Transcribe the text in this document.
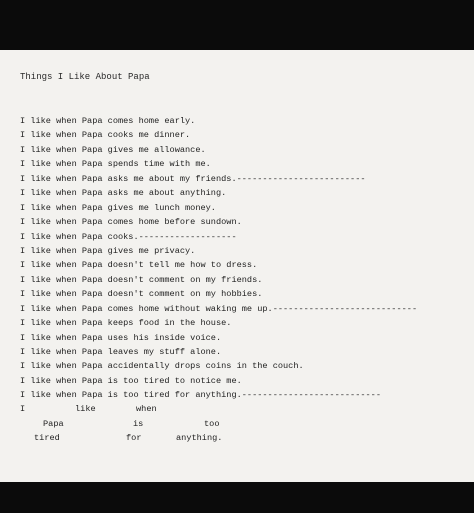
Things I Like About Papa
I like when Papa comes home early.
I like when Papa cooks me dinner.
I like when Papa gives me allowance.
I like when Papa spends time with me.
I like when Papa asks me about my friends.-------------------------
I like when Papa asks me about anything.
I like when Papa gives me lunch money.
I like when Papa comes home before sundown.
I like when Papa cooks.-------------------
I like when Papa gives me privacy.
I like when Papa doesn't tell me how to dress.
I like when Papa doesn't comment on my friends.
I like when Papa doesn't comment on my hobbies.
I like when Papa comes home without waking me up.----------------------------
I like when Papa keeps food in the house.
I like when Papa uses his inside voice.
I like when Papa leaves my stuff alone.
I like when Papa accidentally drops coins in the couch.
I like when Papa is too tired to notice me.
I like when Papa is too tired for anything.---------------------------
I	like	when
Papa	is	too
tired	for	anything.
